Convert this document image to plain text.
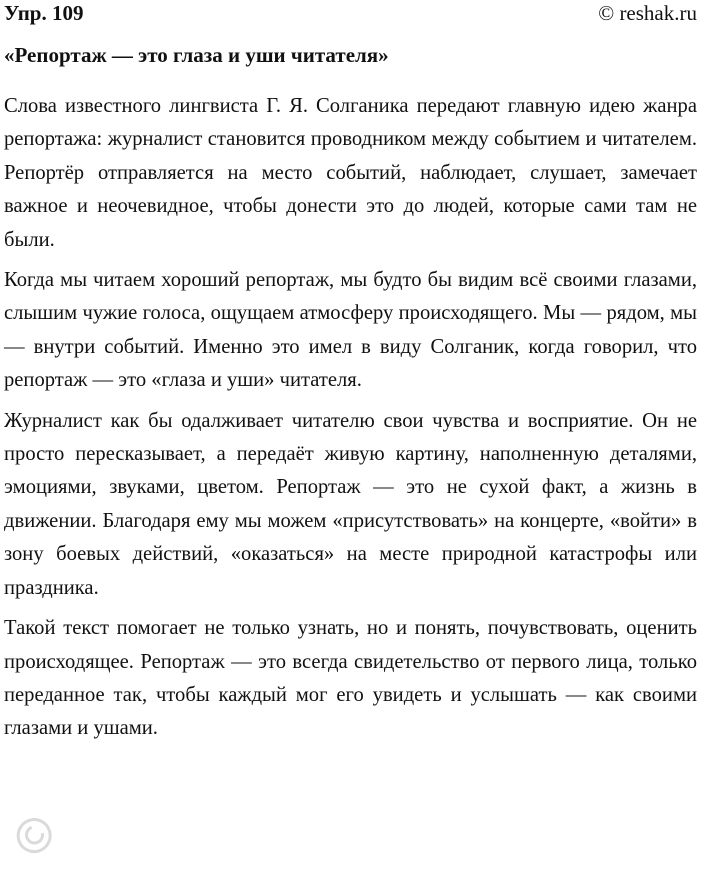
Упр. 109	© reshak.ru
«Репортаж — это глаза и уши читателя»

Слова известного лингвиста Г. Я. Солганика передают главную идею жанра репортажа: журналист становится проводником между событием и читателем. Репортёр отправляется на место событий, наблюдает, слушает, замечает важное и неочевидное, чтобы донести это до людей, которые сами там не были.

Когда мы читаем хороший репортаж, мы будто бы видим всё своими глазами, слышим чужие голоса, ощущаем атмосферу происходящего. Мы — рядом, мы — внутри событий. Именно это имел в виду Солганик, когда говорил, что репортаж — это «глаза и уши» читателя.

Журналист как бы одалживает читателю свои чувства и восприятие. Он не просто пересказывает, а передаёт живую картину, наполненную деталями, эмоциями, звуками, цветом. Репортаж — это не сухой факт, а жизнь в движении. Благодаря ему мы можем «присутствовать» на концерте, «войти» в зону боевых действий, «оказаться» на месте природной катастрофы или праздника.

Такой текст помогает не только узнать, но и понять, почувствовать, оценить происходящее. Репортаж — это всегда свидетельство от первого лица, только переданное так, чтобы каждый мог его увидеть и услышать — как своими глазами и ушами.
